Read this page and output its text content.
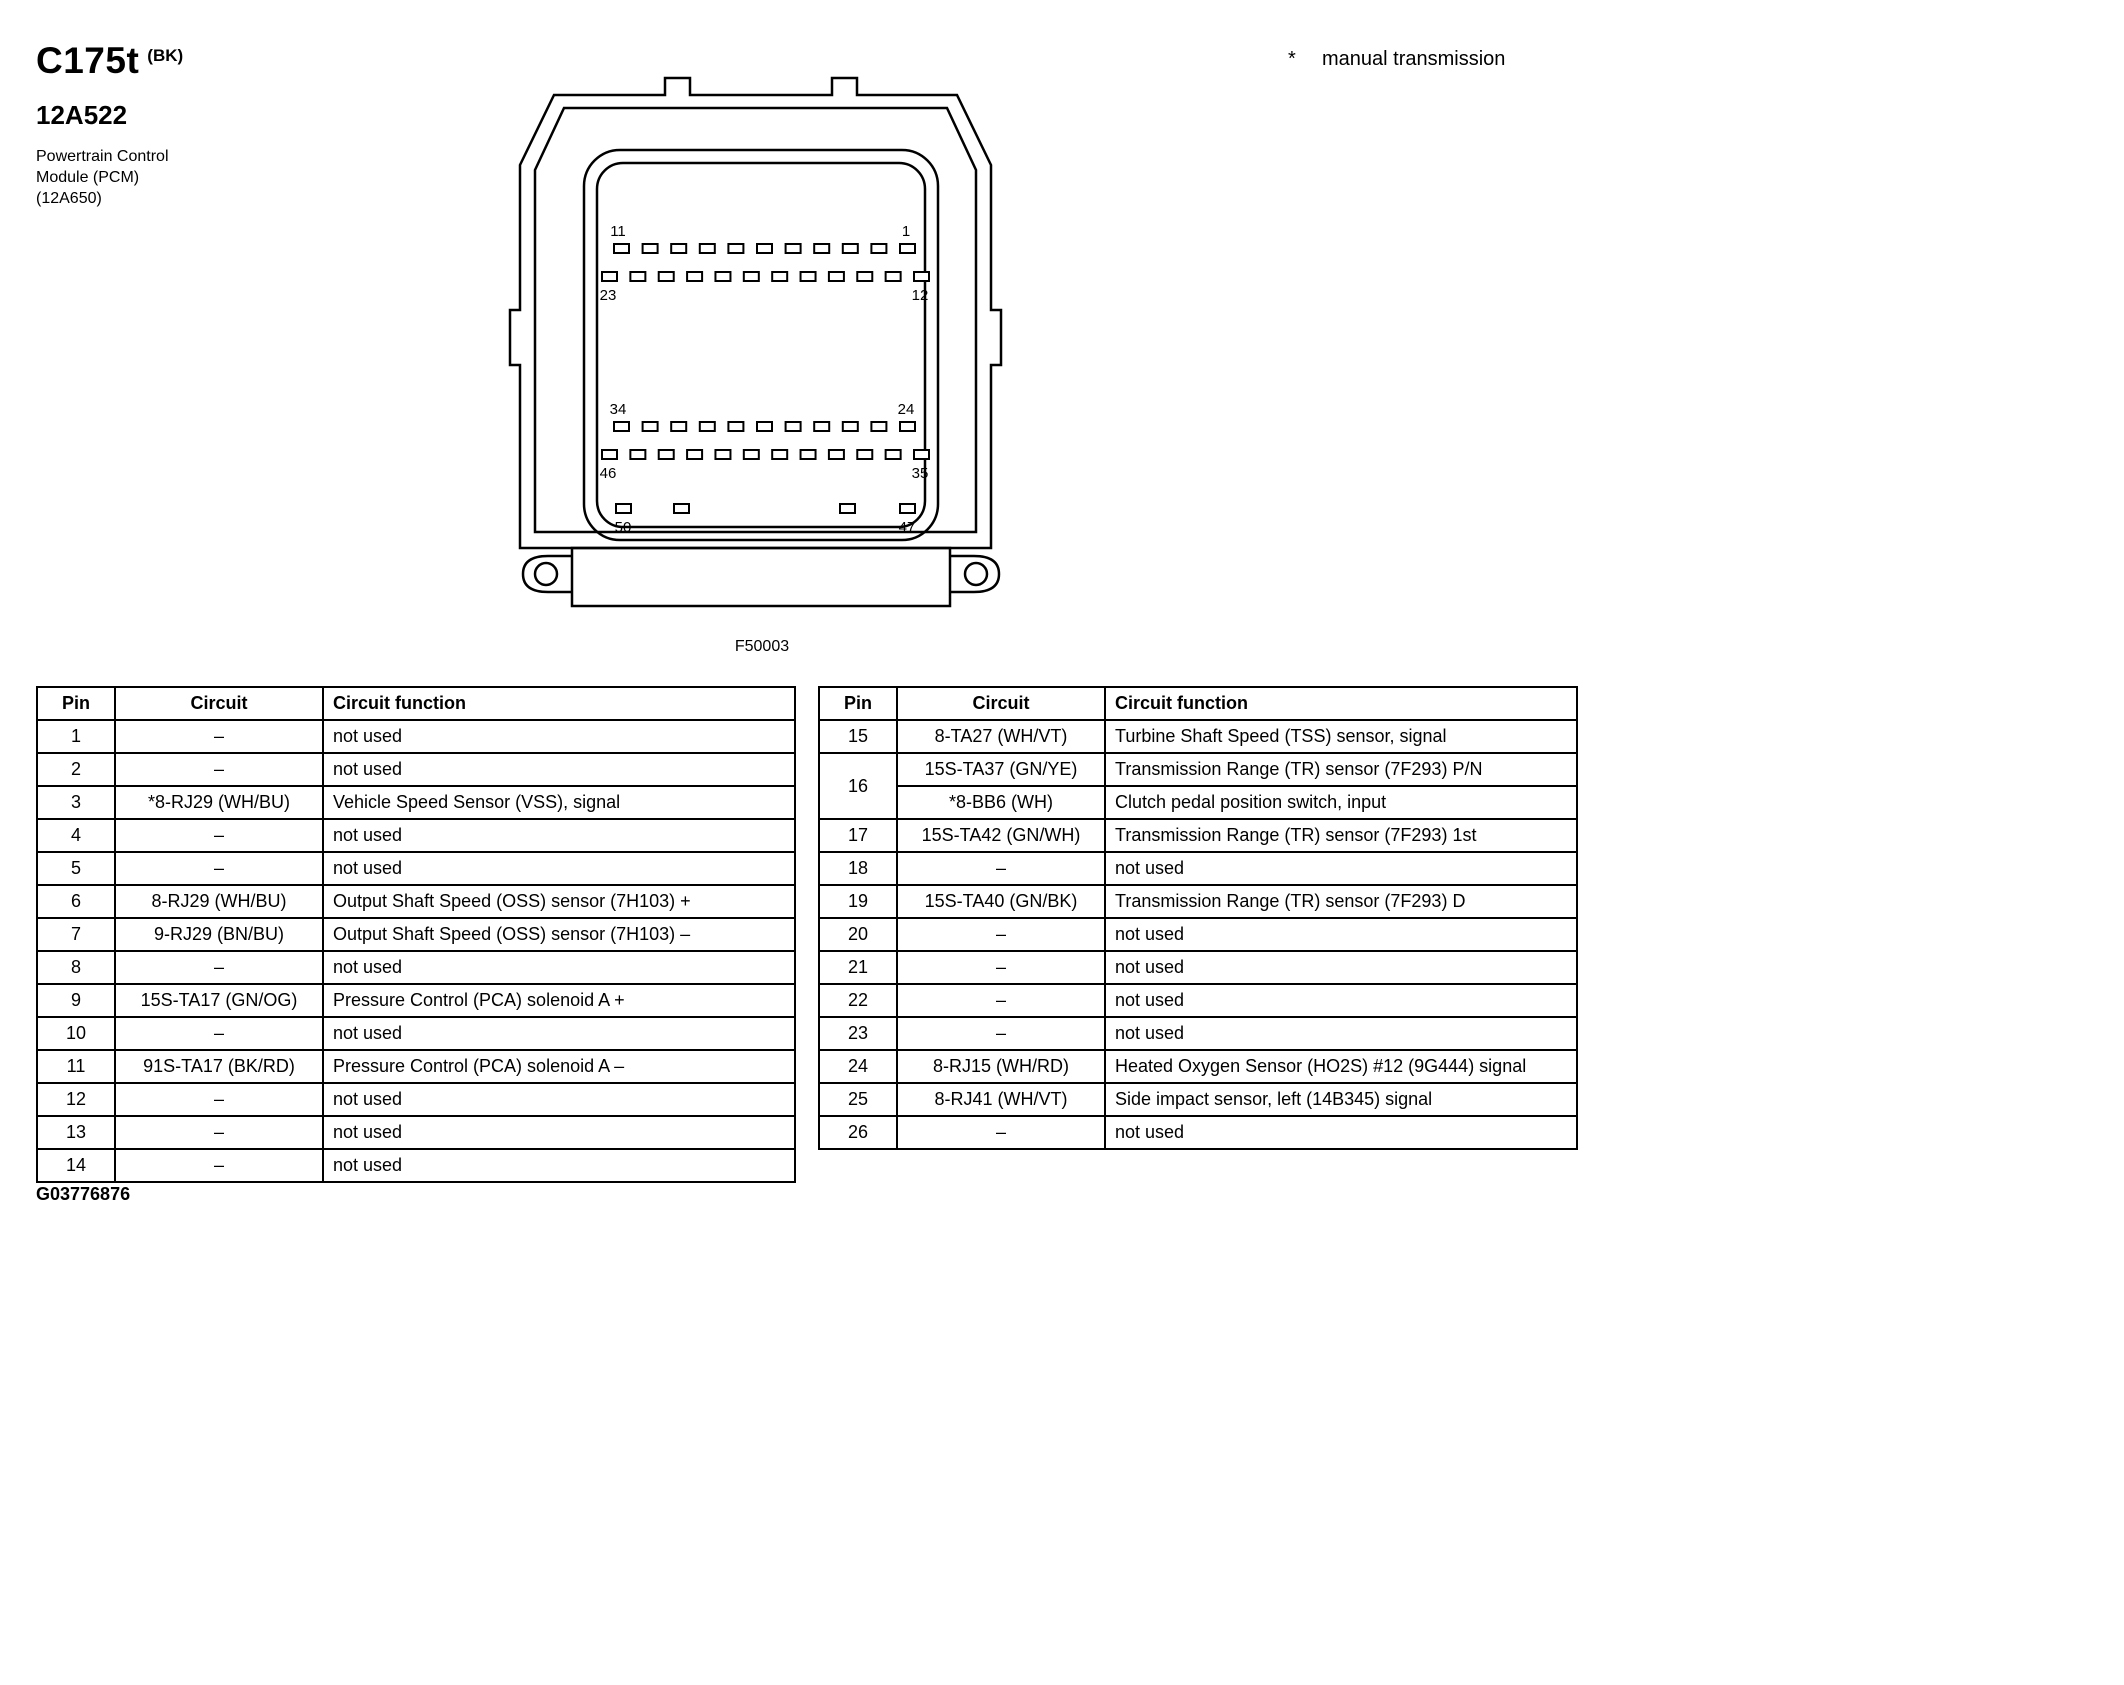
C175t $^{(BK)}$
12A522
Powertrain Control
Module (PCM)
(12A650)
* manual transmission
11	1
23	12
34	24
46	35
50	47
F50003
Pin	Circuit	Circuit function
1	–	not used
2	–	not used
3	*8-RJ29 (WH/BU)	Vehicle Speed Sensor (VSS), signal
4	–	not used
5	–	not used
6	8-RJ29 (WH/BU)	Output Shaft Speed (OSS) sensor (7H103) +
7	9-RJ29 (BN/BU)	Output Shaft Speed (OSS) sensor (7H103) –
8	–	not used
9	15S-TA17 (GN/OG)	Pressure Control (PCA) solenoid A +
10	–	not used
11	91S-TA17 (BK/RD)	Pressure Control (PCA) solenoid A –
12	–	not used
13	–	not used
14	–	not used
Pin	Circuit	Circuit function
15	8-TA27 (WH/VT)	Turbine Shaft Speed (TSS) sensor, signal
16	15S-TA37 (GN/YE)	Transmission Range (TR) sensor (7F293) P/N
	*8-BB6 (WH)	Clutch pedal position switch, input
17	15S-TA42 (GN/WH)	Transmission Range (TR) sensor (7F293) 1st
18	–	not used
19	15S-TA40 (GN/BK)	Transmission Range (TR) sensor (7F293) D
20	–	not used
21	–	not used
22	–	not used
23	–	not used
24	8-RJ15 (WH/RD)	Heated Oxygen Sensor (HO2S) #12 (9G444) signal
25	8-RJ41 (WH/VT)	Side impact sensor, left (14B345) signal
26	–	not used
G03776876
